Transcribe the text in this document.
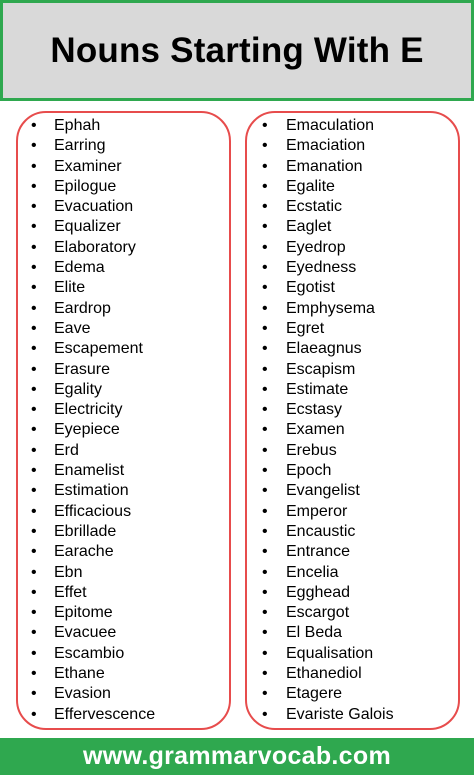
Nouns Starting With E
• Ephah
• Earring
• Examiner
• Epilogue
• Evacuation
• Equalizer
• Elaboratory
• Edema
• Elite
• Eardrop
• Eave
• Escapement
• Erasure
• Egality
• Electricity
• Eyepiece
• Erd
• Enamelist
• Estimation
• Efficacious
• Ebrillade
• Earache
• Ebn
• Effet
• Epitome
• Evacuee
• Escambio
• Ethane
• Evasion
• Effervescence
• Emaculation
• Emaciation
• Emanation
• Egalite
• Ecstatic
• Eaglet
• Eyedrop
• Eyedness
• Egotist
• Emphysema
• Egret
• Elaeagnus
• Escapism
• Estimate
• Ecstasy
• Examen
• Erebus
• Epoch
• Evangelist
• Emperor
• Encaustic
• Entrance
• Encelia
• Egghead
• Escargot
• El Beda
• Equalisation
• Ethanediol
• Etagere
• Evariste Galois
www.grammarvocab.com
